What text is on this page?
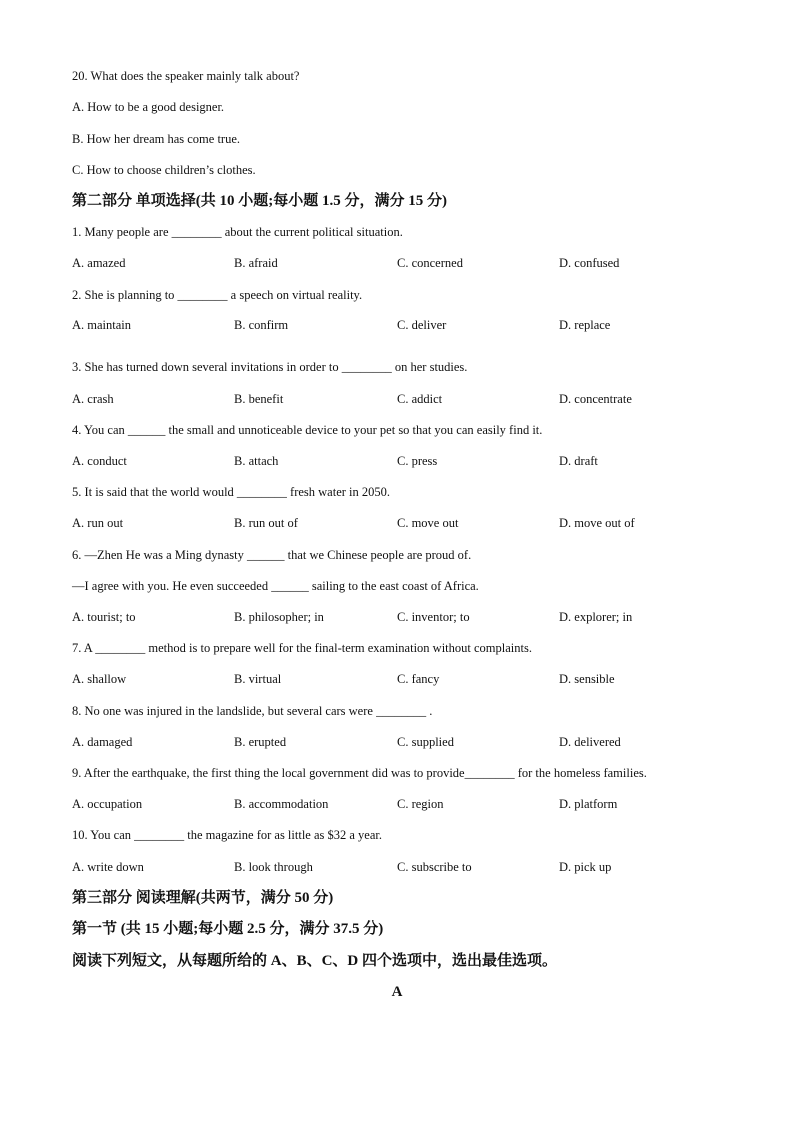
20. What does the speaker mainly talk about?
A. How to be a good designer.
B. How her dream has come true.
C. How to choose children’s clothes.
第二部分 单项选择(共 10 小题;每小题 1.5 分，满分 15 分)
1. Many people are ________ about the current political situation.
A. amazed	B. afraid	C. concerned	D. confused
2. She is planning to ________ a speech on virtual reality.
A. maintain	B. confirm	C. deliver	D. replace
3. She has turned down several invitations in order to ________ on her studies.
A. crash	B. benefit	C. addict	D. concentrate
4. You can ______ the small and unnoticeable device to your pet so that you can easily find it.
A. conduct	B. attach	C. press	D. draft
5. It is said that the world would ________ fresh water in 2050.
A. run out	B. run out of	C. move out	D. move out of
6. —Zhen He was a Ming dynasty ______ that we Chinese people are proud of.
—I agree with you. He even succeeded ______ sailing to the east coast of Africa.
A. tourist; to	B. philosopher; in	C. inventor; to	D. explorer; in
7. A ________ method is to prepare well for the final-term examination without complaints.
A. shallow	B. virtual	C. fancy	D. sensible
8. No one was injured in the landslide, but several cars were ________ .
A. damaged	B. erupted	C. supplied	D. delivered
9. After the earthquake, the first thing the local government did was to provide________ for the homeless families.
A. occupation	B. accommodation	C. region	D. platform
10. You can ________ the magazine for as little as $32 a year.
A. write down	B. look through	C. subscribe to	D. pick up
第三部分 阅读理解(共两节，满分 50 分)
第一节 (共 15 小题;每小题 2.5 分，满分 37.5 分)
阅读下列短文，从每题所给的 A、B、C、D 四个选项中，选出最佳选项。
A
